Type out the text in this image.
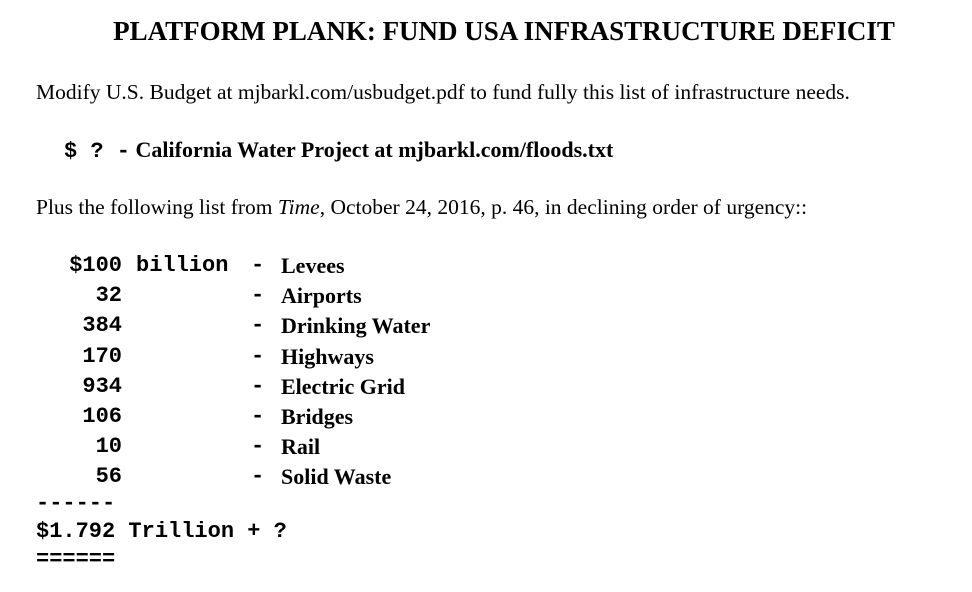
PLATFORM PLANK: FUND USA INFRASTRUCTURE DEFICIT
Modify U.S. Budget at mjbarkl.com/usbudget.pdf to fund fully this list of infrastructure needs.
$ ? - California Water Project at mjbarkl.com/floods.txt
Plus the following list from Time, October 24, 2016, p. 46, in declining order of urgency::
$100 billion - Levees
32	- Airports
384	- Drinking Water
170	- Highways
934	- Electric Grid
106	- Bridges
10	- Rail
56	- Solid Waste
------
$1.792 Trillion + ?
======
